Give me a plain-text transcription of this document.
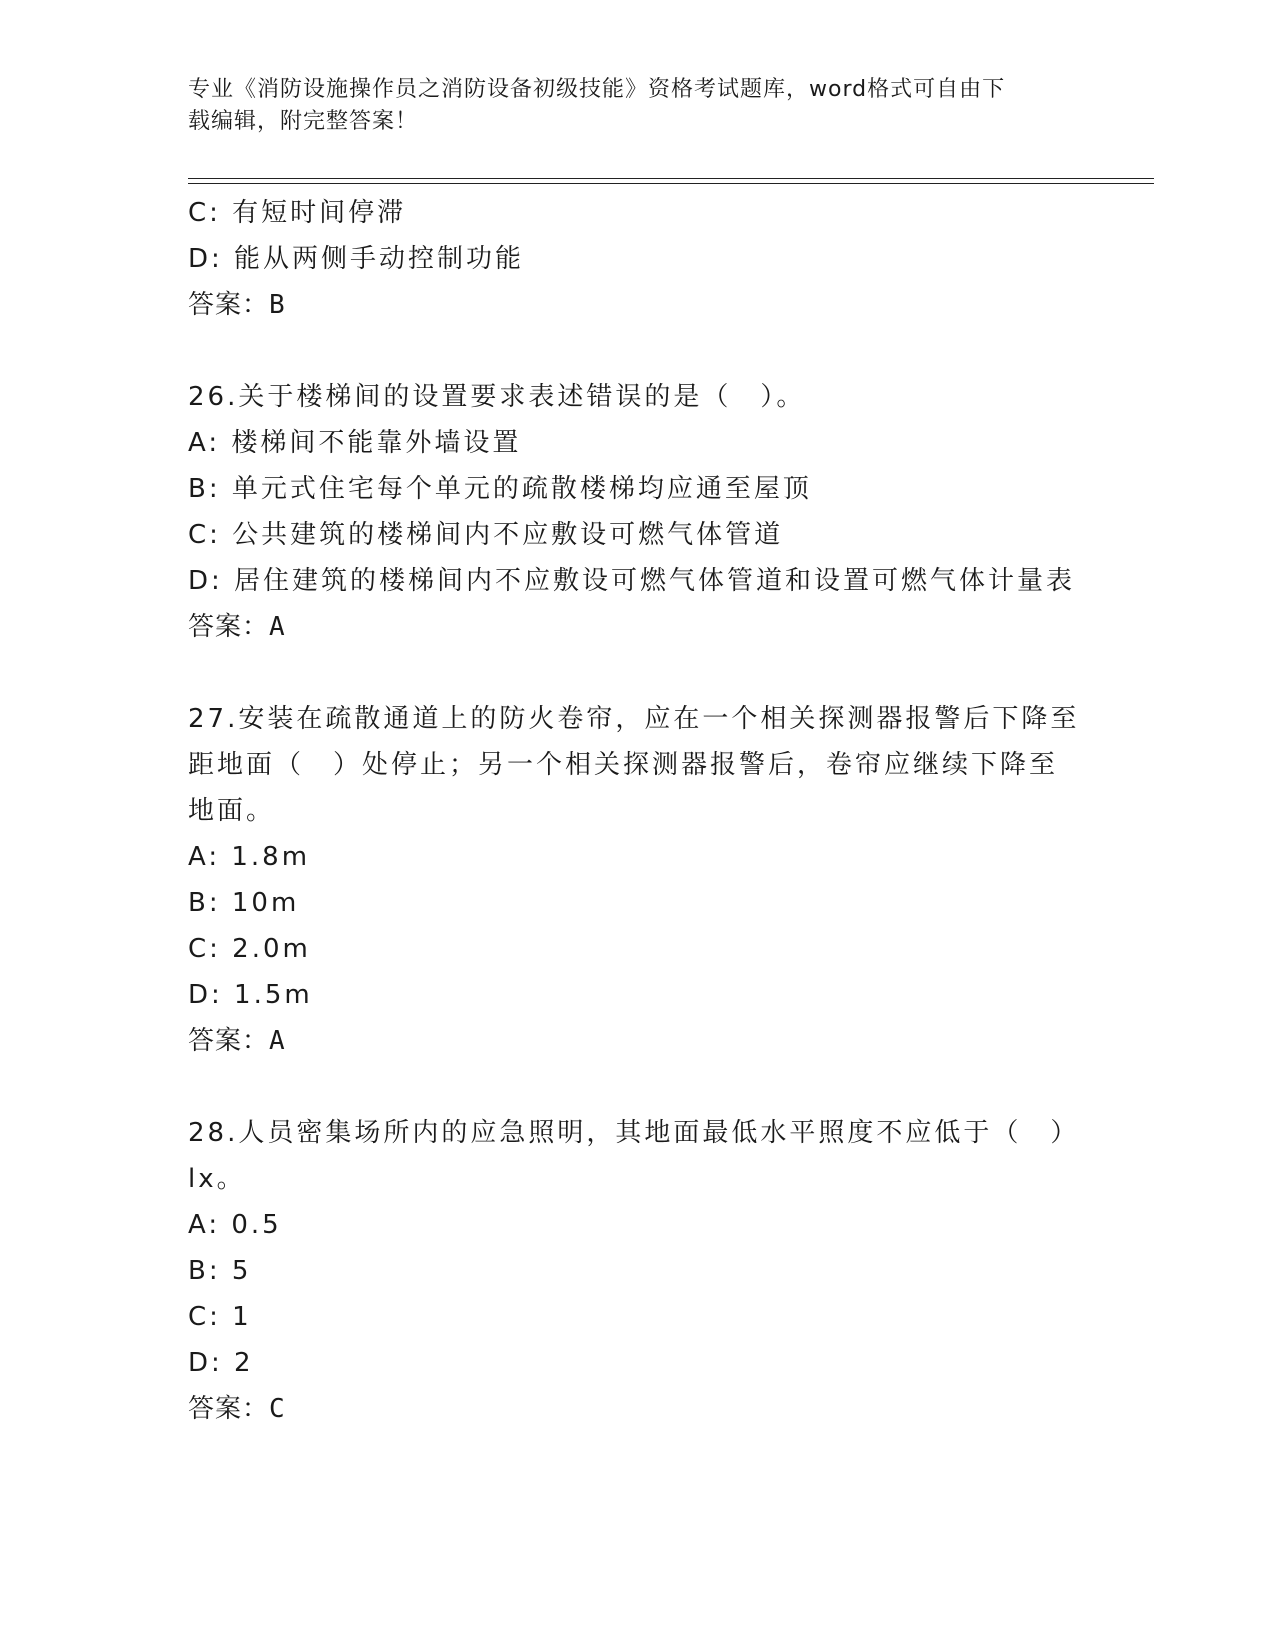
专业《消防设施操作员之消防设备初级技能》资格考试题库，word格式可自由下
载编辑，附完整答案！
C: 有短时间停滞
D: 能从两侧手动控制功能
答案：B
26.关于楼梯间的设置要求表述错误的是（　）。
A: 楼梯间不能靠外墙设置
B: 单元式住宅每个单元的疏散楼梯均应通至屋顶
C: 公共建筑的楼梯间内不应敷设可燃气体管道
D: 居住建筑的楼梯间内不应敷设可燃气体管道和设置可燃气体计量表
答案：A
27.安装在疏散通道上的防火卷帘，应在一个相关探测器报警后下降至
距地面（　）处停止；另一个相关探测器报警后，卷帘应继续下降至
地面。
A: 1.8m
B: 10m
C: 2.0m
D: 1.5m
答案：A
28.人员密集场所内的应急照明，其地面最低水平照度不应低于（　）
lx。
A: 0.5
B: 5
C: 1
D: 2
答案：C
